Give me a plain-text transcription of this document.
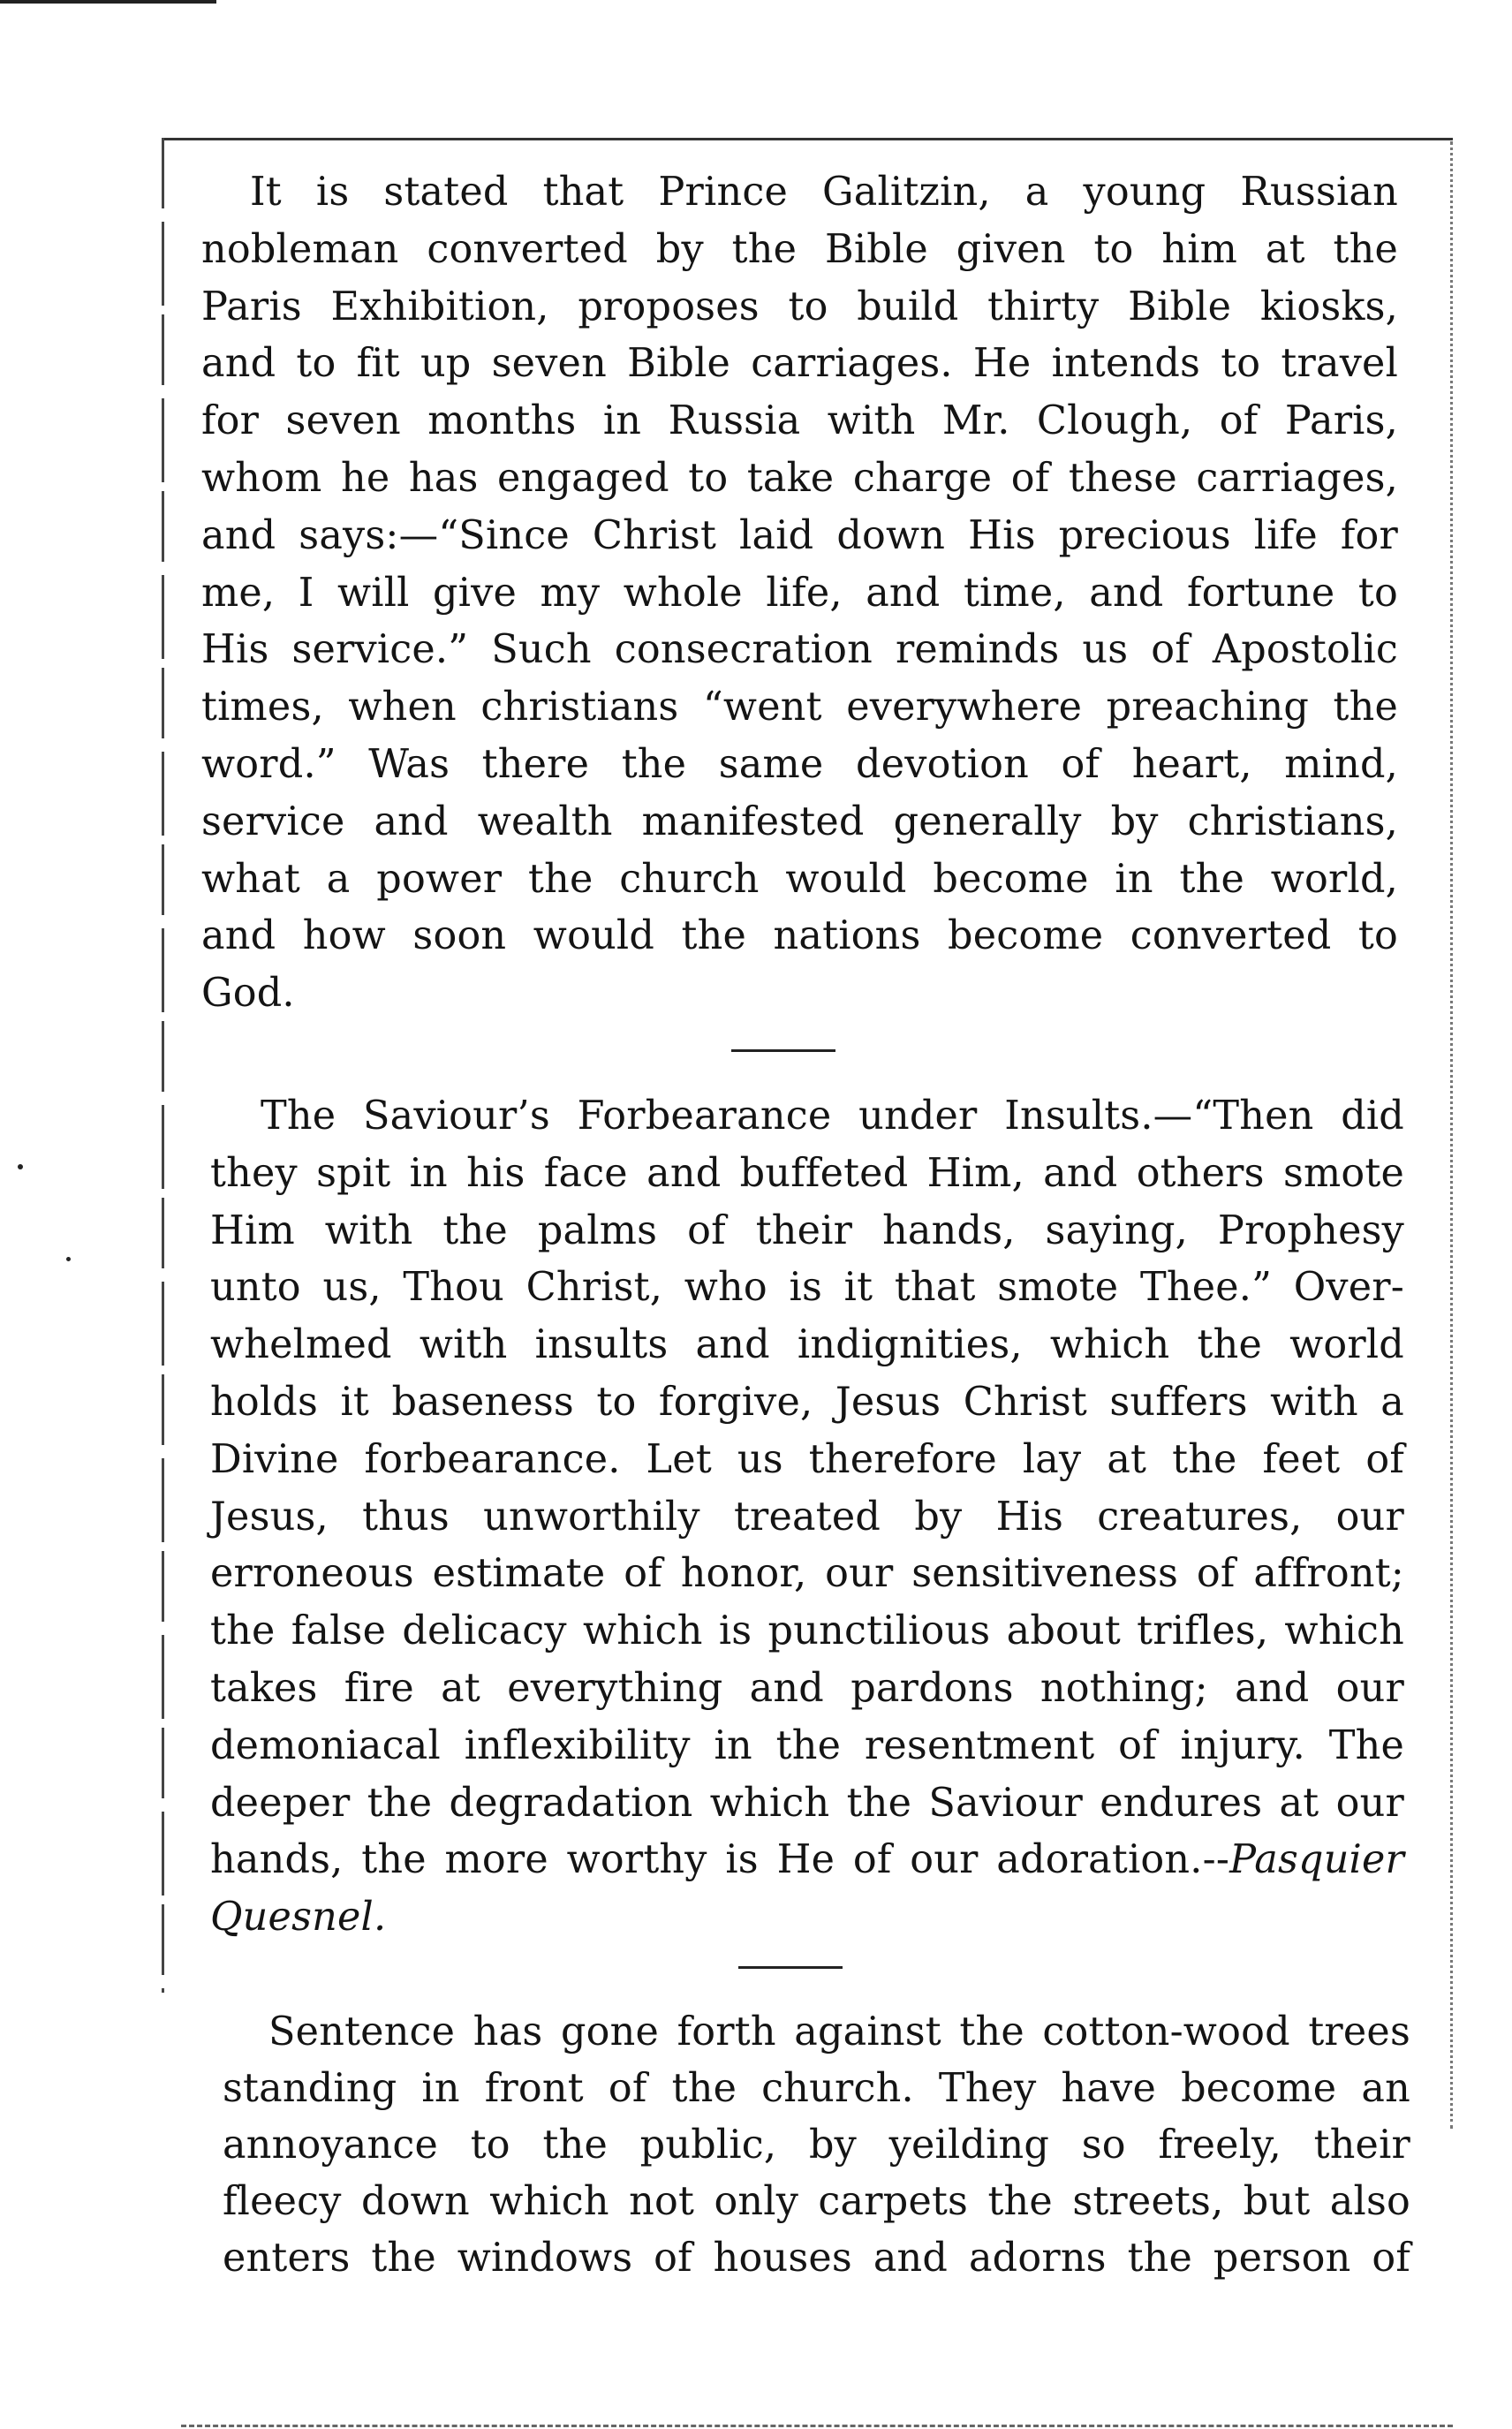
It is stated that Prince Galitzin, a young Russian
nobleman converted by the Bible given to him at the
Paris Exhibition, proposes to build thirty Bible kiosks,
and to fit up seven Bible carriages. He intends to travel
for seven months in Russia with Mr. Clough, of Paris,
whom he has engaged to take charge of these carriages,
and says:—“Since Christ laid down His precious life for
me, I will give my whole life, and time, and fortune to
His service.” Such consecration reminds us of Apostolic
times, when christians “went everywhere preaching the
word.” Was there the same devotion of heart, mind,
service and wealth manifested generally by christians,
what a power the church would become in the world,
and how soon would the nations become converted to
God.
The Saviour’s Forbearance under Insults.—“Then did
they spit in his face and buffeted Him, and others smote
Him with the palms of their hands, saying, Prophesy
unto us, Thou Christ, who is it that smote Thee.” Over-
whelmed with insults and indignities, which the world
holds it baseness to forgive, Jesus Christ suffers with a
Divine forbearance. Let us therefore lay at the feet of
Jesus, thus unworthily treated by His creatures, our
erroneous estimate of honor, our sensitiveness of affront;
the false delicacy which is punctilious about trifles, which
takes fire at everything and pardons nothing; and our
demoniacal inflexibility in the resentment of injury. The
deeper the degradation which the Saviour endures at our
hands, the more worthy is He of our adoration.--Pasquier
Quesnel.
Sentence has gone forth against the cotton-wood trees
standing in front of the church. They have become an
annoyance to the public, by yeilding so freely, their
fleecy down which not only carpets the streets, but also
enters the windows of houses and adorns the person of
